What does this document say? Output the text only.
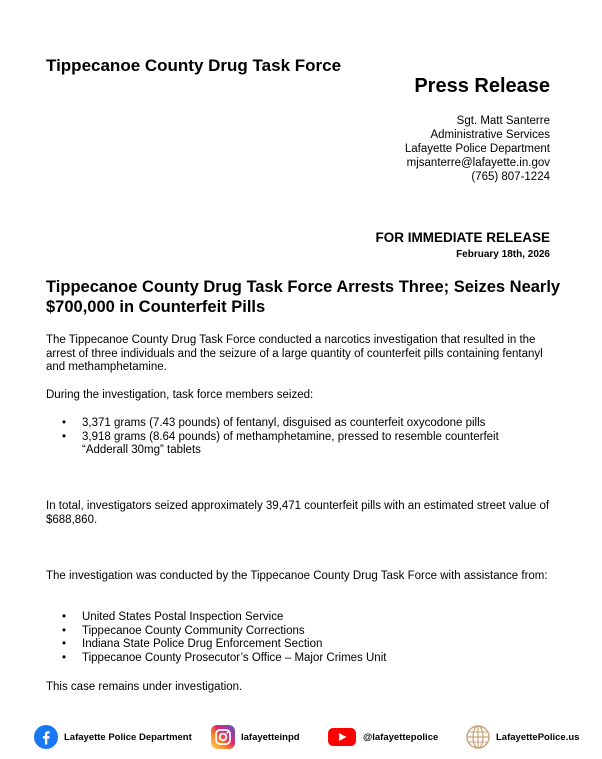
Tippecanoe County Drug Task Force
Press Release
Sgt. Matt Santerre
Administrative Services
Lafayette Police Department
mjsanterre@lafayette.in.gov
(765) 807-1224
FOR IMMEDIATE RELEASE
February 18th, 2026
Tippecanoe County Drug Task Force Arrests Three; Seizes Nearly $700,000 in Counterfeit Pills
The Tippecanoe County Drug Task Force conducted a narcotics investigation that resulted in the arrest of three individuals and the seizure of a large quantity of counterfeit pills containing fentanyl and methamphetamine.
During the investigation, task force members seized:
• 3,371 grams (7.43 pounds) of fentanyl, disguised as counterfeit oxycodone pills
• 3,918 grams (8.64 pounds) of methamphetamine, pressed to resemble counterfeit “Adderall 30mg” tablets
In total, investigators seized approximately 39,471 counterfeit pills with an estimated street value of $688,860.
The investigation was conducted by the Tippecanoe County Drug Task Force with assistance from:
• United States Postal Inspection Service
• Tippecanoe County Community Corrections
• Indiana State Police Drug Enforcement Section
• Tippecanoe County Prosecutor’s Office – Major Crimes Unit
This case remains under investigation.
Lafayette Police Department	lafayetteinpd	@lafayettepolice	LafayettePolice.us
